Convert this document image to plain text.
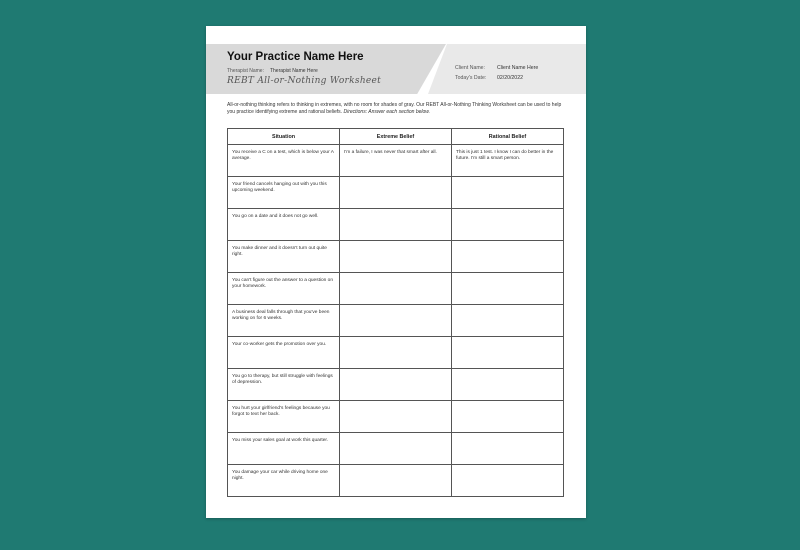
Your Practice Name Here
Therapist Name: Therapist Name Here
REBT All-or-Nothing Worksheet
Client Name: Client Name Here
Today's Date: 02/20/2022
All-or-nothing thinking refers to thinking in extremes, with no room for shades of gray. Our REBT All-or-Nothing Thinking Worksheet can be used to help you practice identifying extreme and rational beliefs. Directions: Answer each section below.
Situation	Extreme Belief	Rational Belief

You receive a C on a test, which is below your A average.	I'm a failure, I was never that smart after all.	This is just 1 test. I know I can do better in the future. I'm still a smart person.

Your friend cancels hanging out with you this upcoming weekend.		

You go on a date and it does not go well.		

You make dinner and it doesn't turn out quite right.		

You can't figure out the answer to a question on your homework.		

A business deal falls through that you've been working on for 6 weeks.		

Your co-worker gets the promotion over you.		

You go to therapy, but still struggle with feelings of depression.		

You hurt your girlfriend's feelings because you forgot to text her back.		

You miss your sales goal at work this quarter.		

You damage your car while driving home one night.		
